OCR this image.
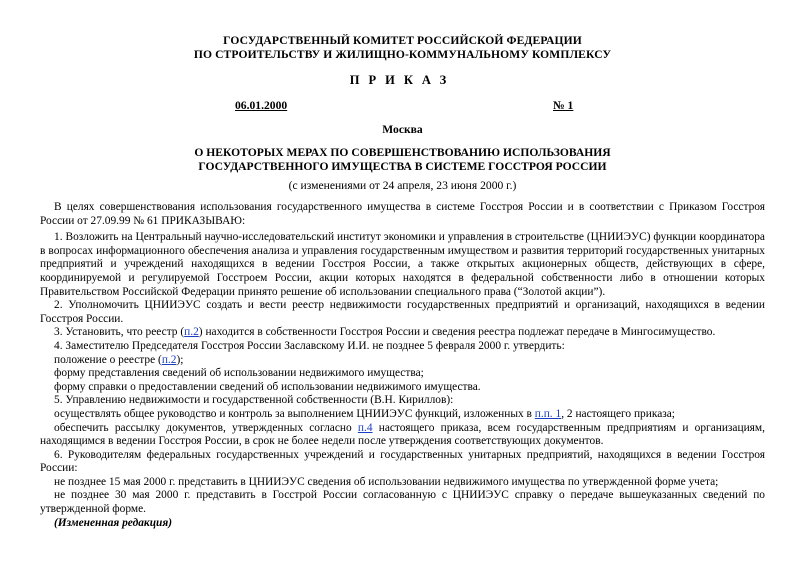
ГОСУДАРСТВЕННЫЙ КОМИТЕТ РОССИЙСКОЙ ФЕДЕРАЦИИ
ПО СТРОИТЕЛЬСТВУ И ЖИЛИЩНО-КОММУНАЛЬНОМУ КОМПЛЕКСУ
ПРИКАЗ
06.01.2000	№ 1
Москва
О НЕКОТОРЫХ МЕРАХ ПО СОВЕРШЕНСТВОВАНИЮ ИСПОЛЬЗОВАНИЯ
ГОСУДАРСТВЕННОГО ИМУЩЕСТВА В СИСТЕМЕ ГОССТРОЯ РОССИИ
(с изменениями от 24 апреля, 23 июня 2000 г.)

В целях совершенствования использования государственного имущества в системе Госстроя России и в соответствии с Приказом Госстроя России от 27.09.99 № 61 ПРИКАЗЫВАЮ:

1. Возложить на Центральный научно-исследовательский институт экономики и управления в строительстве (ЦНИИЭУС) функции координатора в вопросах информационного обеспечения анализа и управления государственным имуществом и развития территорий государственных унитарных предприятий и учреждений находящихся в ведении Госстроя России, а также открытых акционерных обществ, действующих в сфере, координируемой и регулируемой Госстроем России, акции которых находятся в федеральной собственности либо в отношении которых Правительством Российской Федерации принято решение об использовании специального права (“Золотой акции”).

2. Уполномочить ЦНИИЭУС создать и вести реестр недвижимости государственных предприятий и организаций, находящихся в ведении Госстроя России.

3. Установить, что реестр (п.2) находится в собственности Госстроя России и сведения реестра подлежат передаче в Мингосимущество.

4. Заместителю Председателя Госстроя России Заславскому И.И. не позднее 5 февраля 2000 г. утвердить:

положение о реестре (п.2);

форму представления сведений об использовании недвижимого имущества;

форму справки о предоставлении сведений об использовании недвижимого имущества.

5. Управлению недвижимости и государственной собственности (В.Н. Кириллов):

осуществлять общее руководство и контроль за выполнением ЦНИИЭУС функций, изложенных в п.п. 1, 2 настоящего приказа;

обеспечить рассылку документов, утвержденных согласно п.4 настоящего приказа, всем государственным предприятиям и организациям, находящимся в ведении Госстроя России, в срок не более недели после утверждения соответствующих документов.

6. Руководителям федеральных государственных учреждений и государственных унитарных предприятий, находящихся в ведении Госстроя России:

не позднее 15 мая 2000 г. представить в ЦНИИЭУС сведения об использовании недвижимого имущества по утвержденной форме учета;

не позднее 30 мая 2000 г. представить в Госстрой России согласованную с ЦНИИЭУС справку о передаче вышеуказанных сведений по утвержденной форме.

(Измененная редакция)
